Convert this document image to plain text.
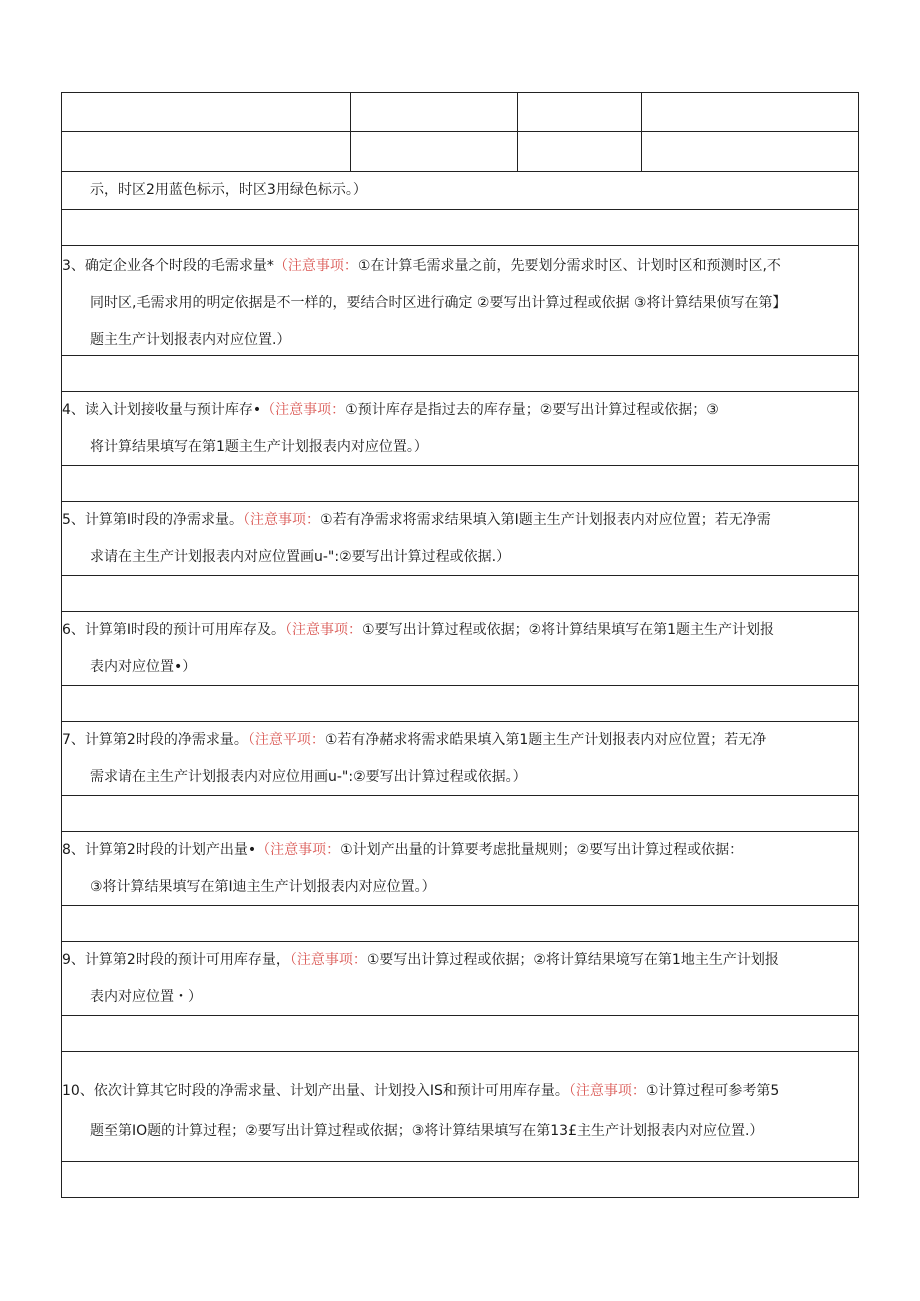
示，时区2用蓝色标示，时区3用绿色标示。）

3、确定企业各个时段的毛需求量*（注意事项：①在计算毛需求量之前，先要划分需求时区、计划时区和预测时区,不

同时区,毛需求用的明定依据是不一样的，要结合时区进行确定 ②要写出计算过程或依据 ③将计算结果侦写在第】

题主生产计划报表内对应位置.）

4、读入计划接收量与预计库存•（注意事项：①预计库存是指过去的库存量；②要写出计算过程或依据；③

将计算结果填写在第1题主生产计划报表内对应位置。）

5、计算第I时段的净需求量。（注意事项：①若有净需求将需求结果填入第I题主生产计划报表内对应位置；若无净需

求请在主生产计划报表内对应位置画u-":②要写出计算过程或依据.）

6、计算第I时段的预计可用库存及。（注意事项：①要写出计算过程或依据；②将计算结果填写在第1题主生产计划报

表内对应位置•）

7、计算第2时段的净需求量。（注意平项：①若有净赭求将需求皓果填入第1题主生产计划报表内对应位置；若无净

需求请在主生产计划报表内对应位用画u-":②要写出计算过程或依据。）

8、计算第2时段的计划产出量•（注意事项：①计划产出量的计算要考虑批量规则；②要写出计算过程或依据：

③将计算结果填写在第I迪主生产计划报表内对应位置。）

9、计算第2时段的预计可用库存量，（注意事项：①要写出计算过程或依据；②将计算结果境写在第1地主生产计划报

表内对应位置・）

10、依次计算其它时段的净需求量、计划产出量、计划投入IS和预计可用库存量。（注意事项：①计算过程可参考第5

题至第IO题的计算过程；②要写出计算过程或依据；③将计算结果填写在第13£主生产计划报表内对应位置.）
